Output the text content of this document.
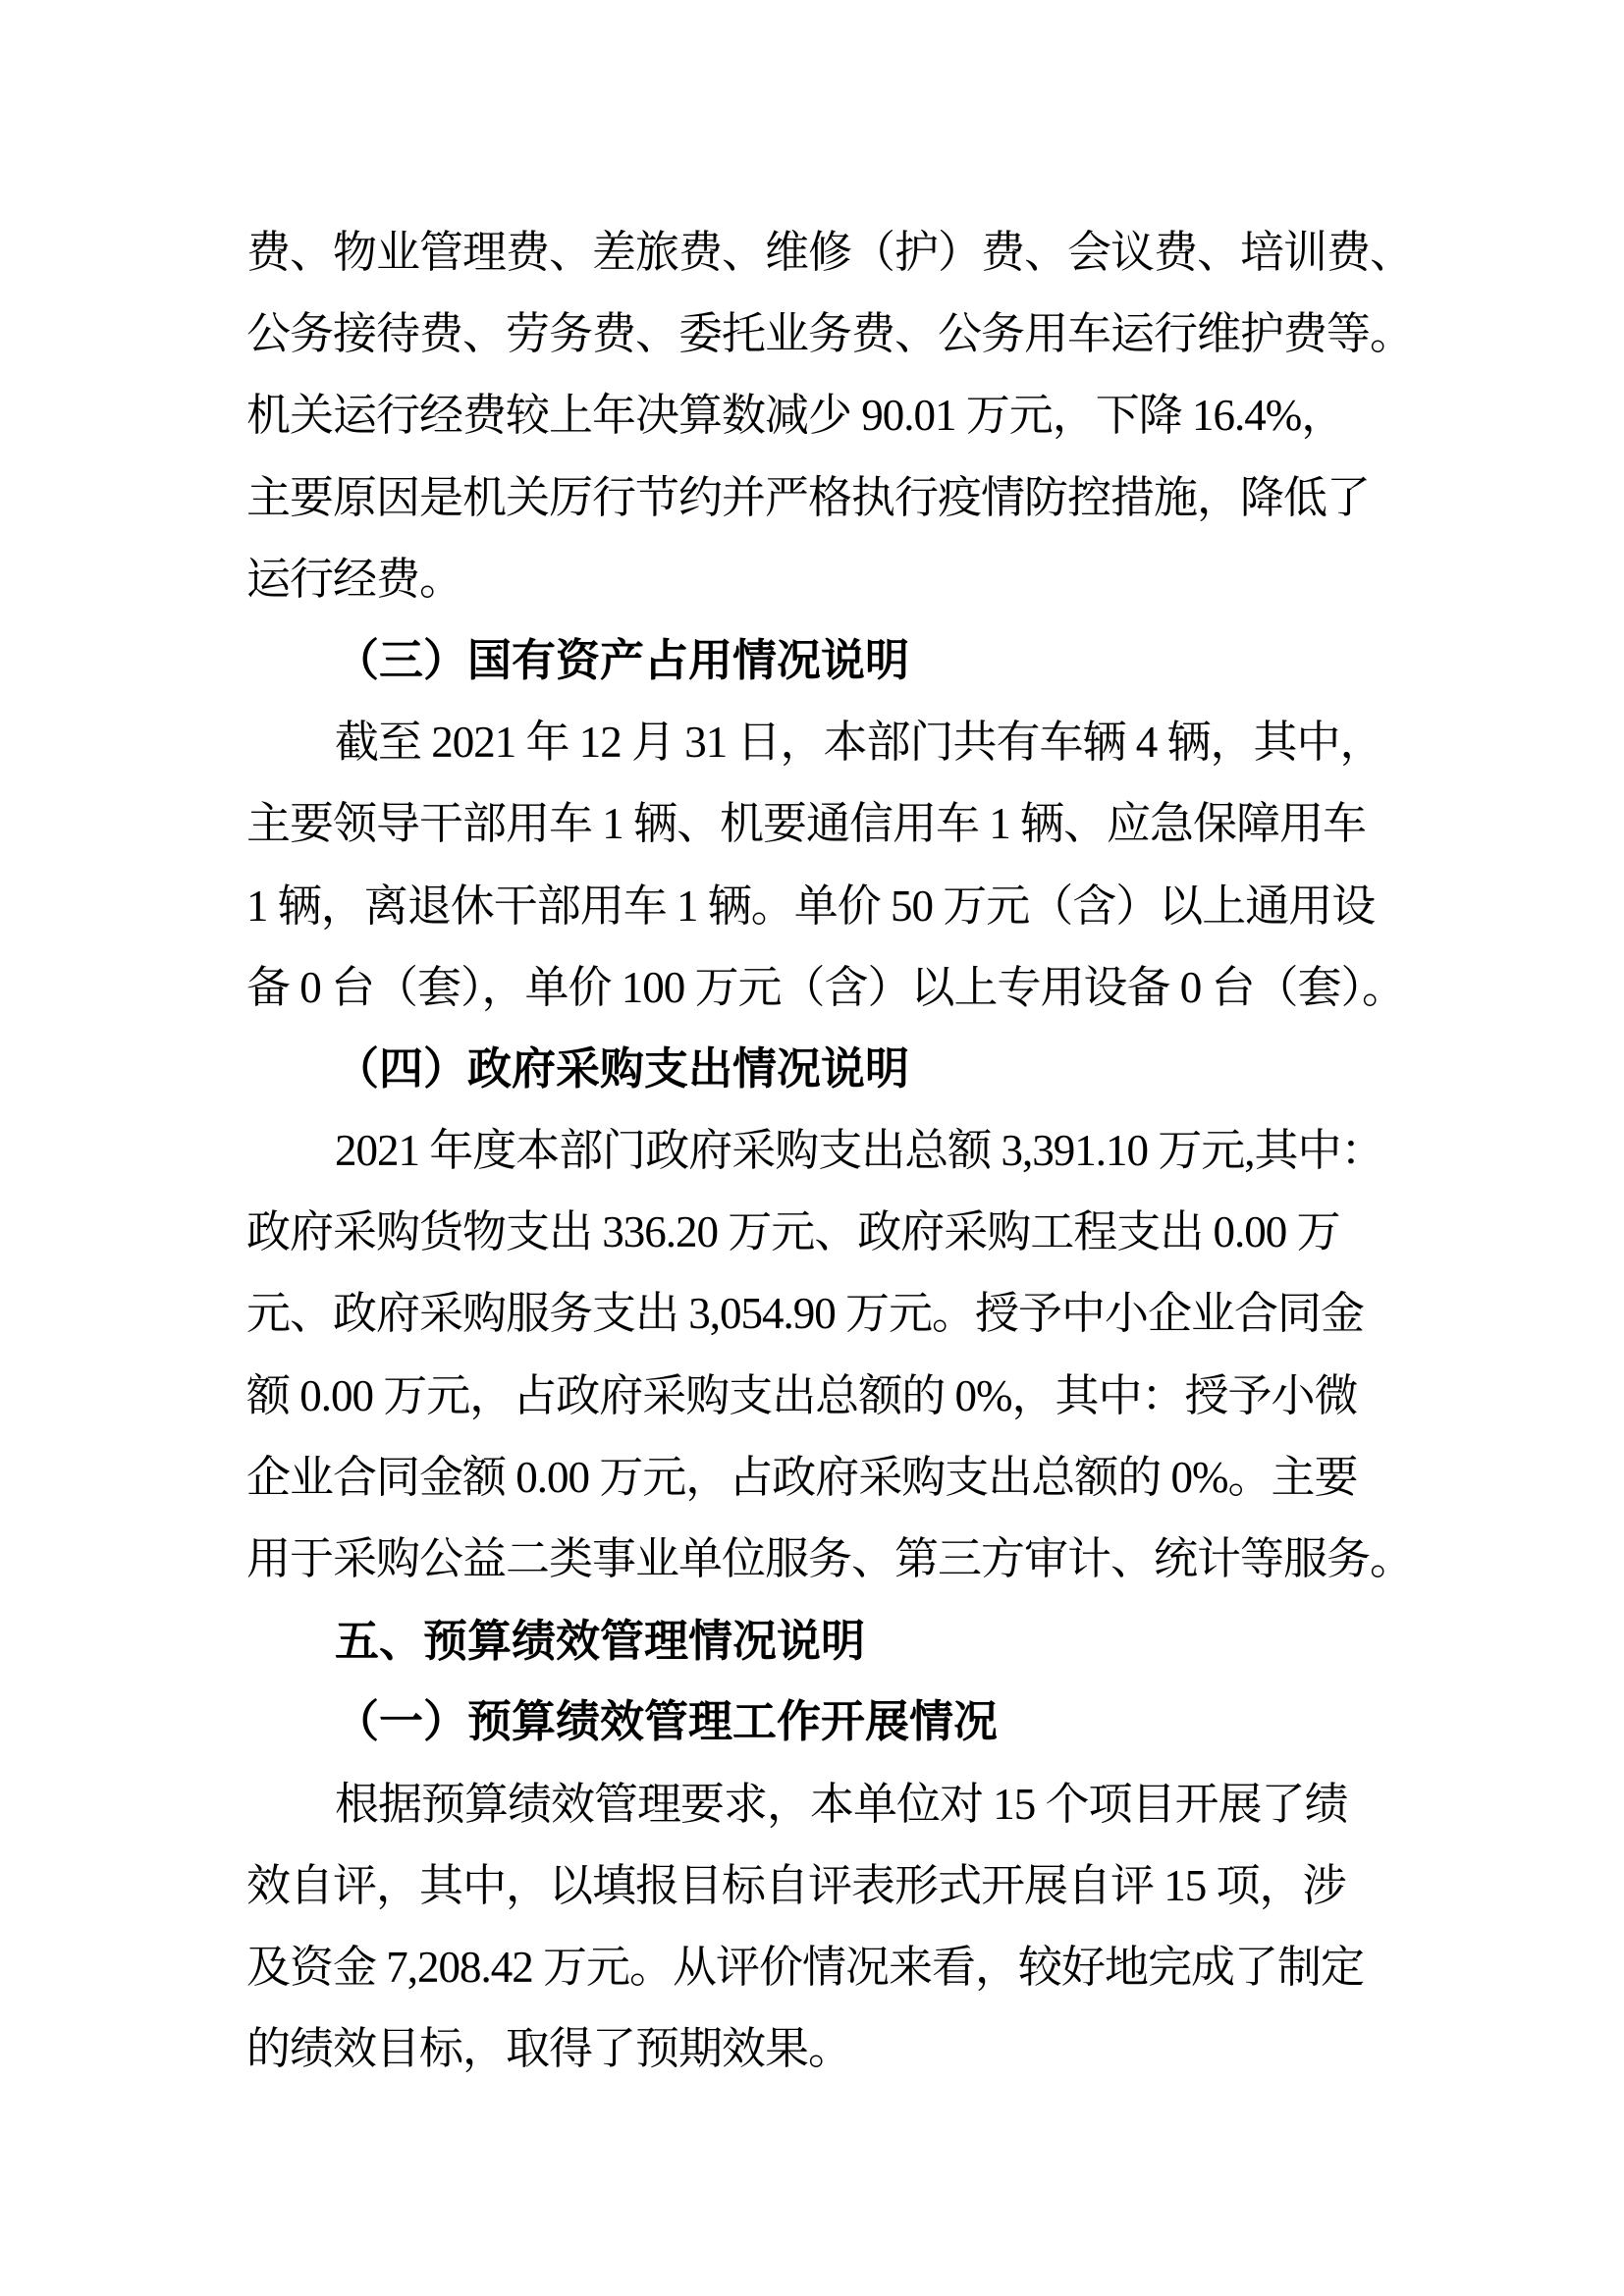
费、物业管理费、差旅费、维修（护）费、会议费、培训费、
公务接待费、劳务费、委托业务费、公务用车运行维护费等。
机关运行经费较上年决算数减少 90.01 万元，下降 16.4%，
主要原因是机关厉行节约并严格执行疫情防控措施，降低了
运行经费。
（三）国有资产占用情况说明
截至 2021 年 12 月 31 日，本部门共有车辆 4 辆，其中，
主要领导干部用车 1 辆、机要通信用车 1 辆、应急保障用车
1 辆，离退休干部用车 1 辆。单价 50 万元（含）以上通用设
备 0 台（套），单价 100 万元（含）以上专用设备 0 台（套）。
（四）政府采购支出情况说明
2021 年度本部门政府采购支出总额 3,391.10 万元,其中：
政府采购货物支出 336.20 万元、政府采购工程支出 0.00 万
元、政府采购服务支出 3,054.90 万元。授予中小企业合同金
额 0.00 万元，占政府采购支出总额的 0%，其中：授予小微
企业合同金额 0.00 万元，占政府采购支出总额的 0%。主要
用于采购公益二类事业单位服务、第三方审计、统计等服务。
五、预算绩效管理情况说明
（一）预算绩效管理工作开展情况
根据预算绩效管理要求，本单位对 15 个项目开展了绩
效自评，其中，以填报目标自评表形式开展自评 15 项，涉
及资金 7,208.42 万元。从评价情况来看，较好地完成了制定
的绩效目标，取得了预期效果。
